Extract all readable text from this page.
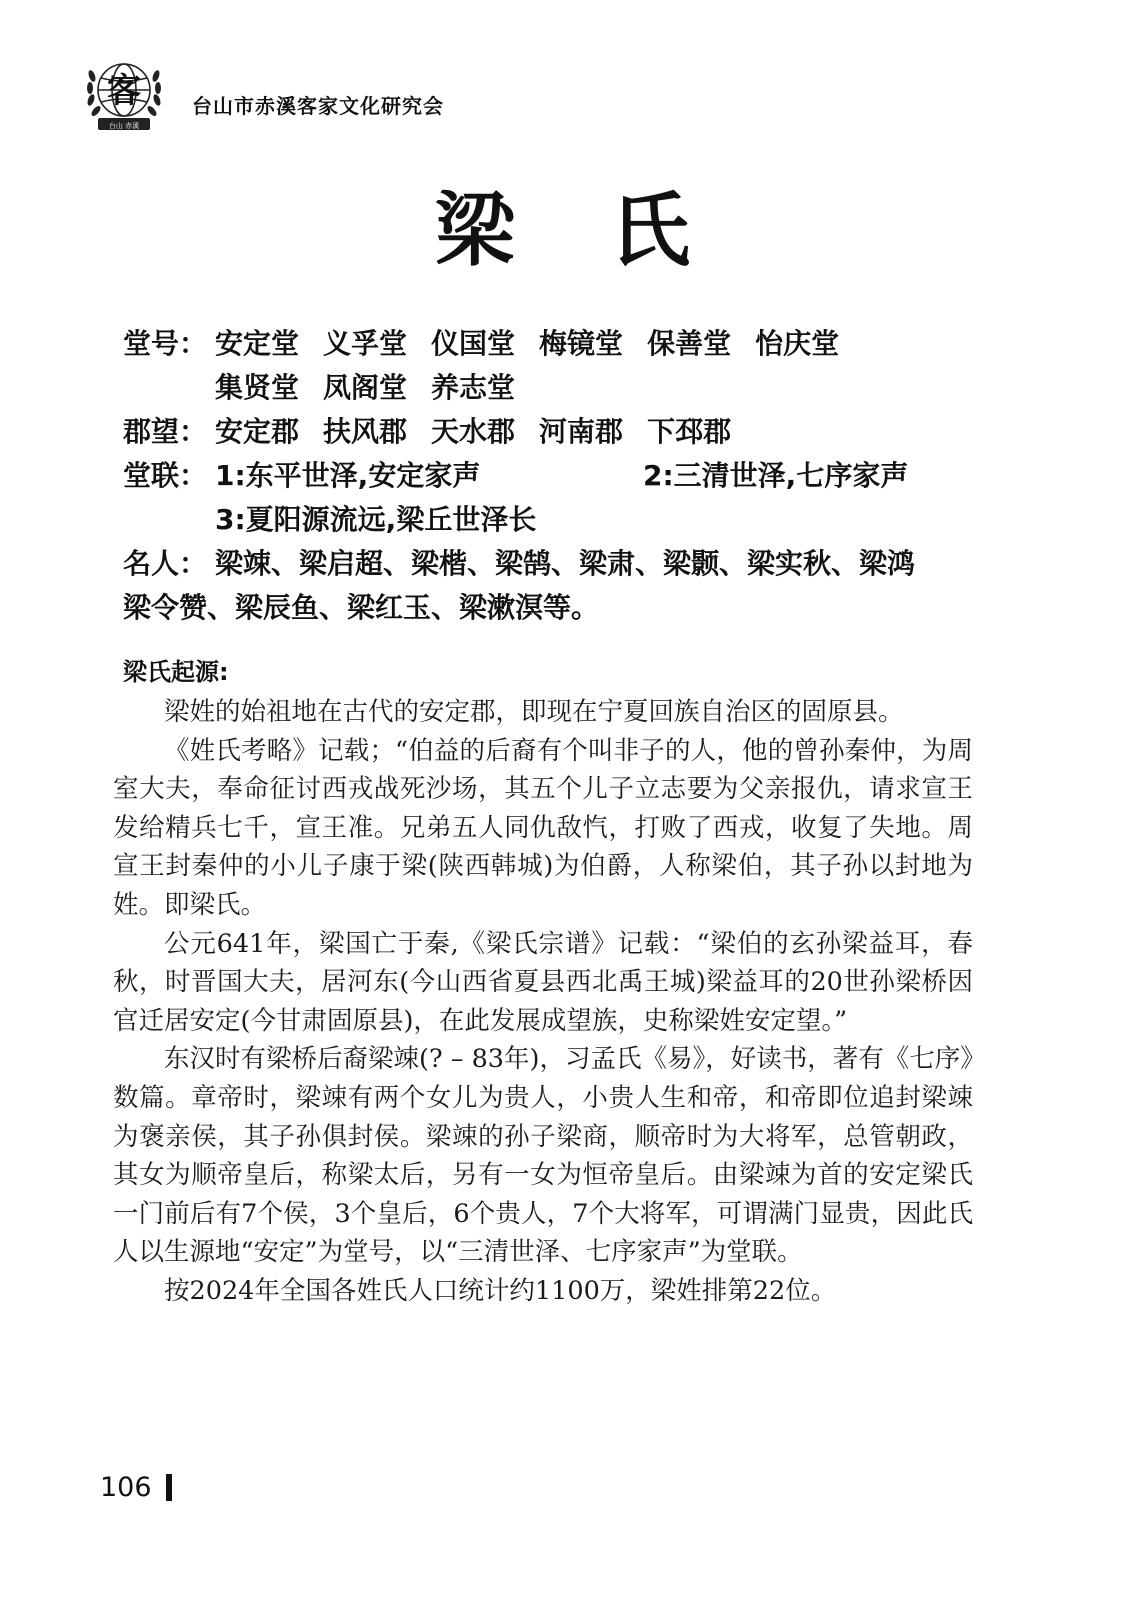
客
台山 赤溪
台山市赤溪客家文化研究会
梁氏
堂号： 安定堂 义孚堂 仪国堂 梅镜堂 保善堂 怡庆堂
集贤堂 凤阁堂 养志堂
郡望： 安定郡 扶风郡 天水郡 河南郡 下邳郡
堂联： 1:东平世泽,安定家声	2:三清世泽,七序家声
3:夏阳源流远,梁丘世泽长
名人： 梁竦、梁启超、梁楷、梁鹄、梁肃、梁颢、梁实秋、梁鸿
梁令赞、梁辰鱼、梁红玉、梁漱溟等。
梁氏起源:

梁姓的始祖地在古代的安定郡，即现在宁夏回族自治区的固原县。

《姓氏考略》记载；“伯益的后裔有个叫非子的人，他的曾孙秦仲，为周室大夫，奉命征讨西戎战死沙场，其五个儿子立志要为父亲报仇，请求宣王发给精兵七千，宣王准。兄弟五人同仇敌忾，打败了西戎，收复了失地。周宣王封秦仲的小儿子康于梁(陕西韩城)为伯爵，人称梁伯，其子孙以封地为姓。即梁氏。

公元641年，梁国亡于秦,《梁氏宗谱》记载：“梁伯的玄孙梁益耳，春秋，时晋国大夫，居河东(今山西省夏县西北禹王城)梁益耳的20世孙梁桥因官迁居安定(今甘肃固原县)，在此发展成望族，史称梁姓安定望。”

东汉时有梁桥后裔梁竦(? – 83年)，习孟氏《易》，好读书，著有《七序》数篇。章帝时，梁竦有两个女儿为贵人，小贵人生和帝，和帝即位追封梁竦为褒亲侯，其子孙俱封侯。梁竦的孙子梁商，顺帝时为大将军，总管朝政，其女为顺帝皇后，称梁太后，另有一女为恒帝皇后。由梁竦为首的安定梁氏一门前后有7个侯，3个皇后，6个贵人，7个大将军，可谓满门显贵，因此氏人以生源地“安定”为堂号，以“三清世泽、七序家声”为堂联。

按2024年全国各姓氏人口统计约1100万，梁姓排第22位。

106
